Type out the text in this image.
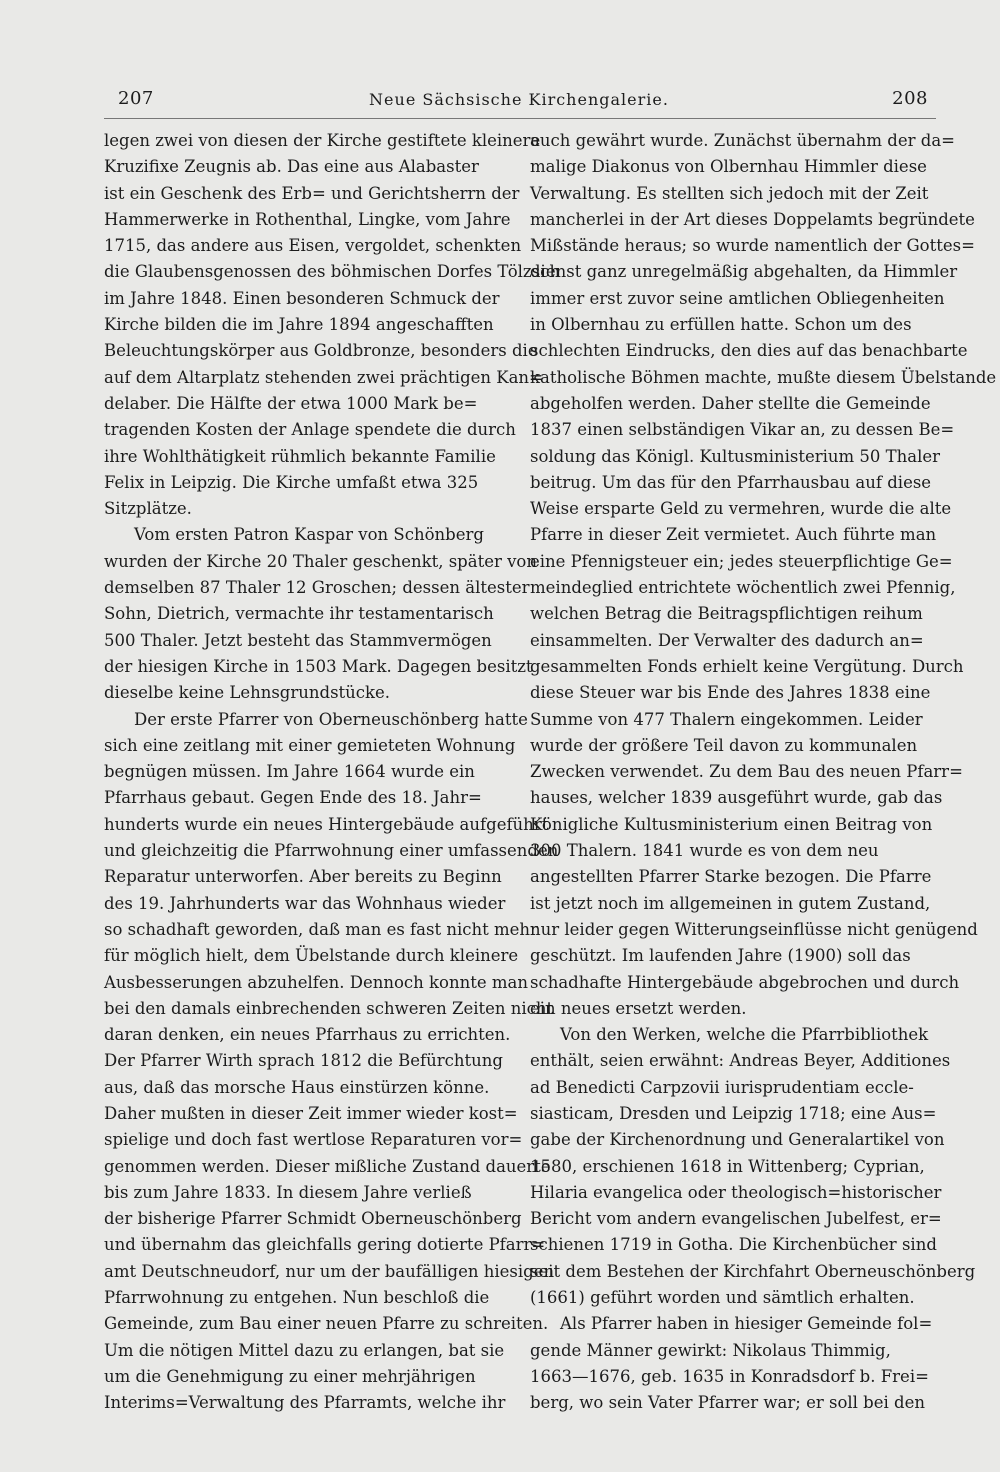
207	Neue Sächsische Kirchengalerie.	208
legen zwei von diesen der Kirche gestiftete kleinere
Kruzifixe Zeugnis ab. Das eine aus Alabaster
ist ein Geschenk des Erb= und Gerichtsherrn der
Hammerwerke in Rothenthal, Lingke, vom Jahre
1715, das andere aus Eisen, vergoldet, schenkten
die Glaubensgenossen des böhmischen Dorfes Tölzsch
im Jahre 1848. Einen besonderen Schmuck der
Kirche bilden die im Jahre 1894 angeschafften
Beleuchtungskörper aus Goldbronze, besonders die
auf dem Altarplatz stehenden zwei prächtigen Kan=
delaber. Die Hälfte der etwa 1000 Mark be=
tragenden Kosten der Anlage spendete die durch
ihre Wohlthätigkeit rühmlich bekannte Familie
Felix in Leipzig. Die Kirche umfaßt etwa 325
Sitzplätze.
Vom ersten Patron Kaspar von Schönberg
wurden der Kirche 20 Thaler geschenkt, später von
demselben 87 Thaler 12 Groschen; dessen ältester
Sohn, Dietrich, vermachte ihr testamentarisch
500 Thaler. Jetzt besteht das Stammvermögen
der hiesigen Kirche in 1503 Mark. Dagegen besitzt
dieselbe keine Lehnsgrundstücke.
Der erste Pfarrer von Oberneuschönberg hatte
sich eine zeitlang mit einer gemieteten Wohnung
begnügen müssen. Im Jahre 1664 wurde ein
Pfarrhaus gebaut. Gegen Ende des 18. Jahr=
hunderts wurde ein neues Hintergebäude aufgeführt
und gleichzeitig die Pfarrwohnung einer umfassenden
Reparatur unterworfen. Aber bereits zu Beginn
des 19. Jahrhunderts war das Wohnhaus wieder
so schadhaft geworden, daß man es fast nicht mehr
für möglich hielt, dem Übelstande durch kleinere
Ausbesserungen abzuhelfen. Dennoch konnte man
bei den damals einbrechenden schweren Zeiten nicht
daran denken, ein neues Pfarrhaus zu errichten.
Der Pfarrer Wirth sprach 1812 die Befürchtung
aus, daß das morsche Haus einstürzen könne.
Daher mußten in dieser Zeit immer wieder kost=
spielige und doch fast wertlose Reparaturen vor=
genommen werden. Dieser mißliche Zustand dauerte
bis zum Jahre 1833. In diesem Jahre verließ
der bisherige Pfarrer Schmidt Oberneuschönberg
und übernahm das gleichfalls gering dotierte Pfarr=
amt Deutschneudorf, nur um der baufälligen hiesigen
Pfarrwohnung zu entgehen. Nun beschloß die
Gemeinde, zum Bau einer neuen Pfarre zu schreiten.
Um die nötigen Mittel dazu zu erlangen, bat sie
um die Genehmigung zu einer mehrjährigen
Interims=Verwaltung des Pfarramts, welche ihr
auch gewährt wurde. Zunächst übernahm der da=
malige Diakonus von Olbernhau Himmler diese
Verwaltung. Es stellten sich jedoch mit der Zeit
mancherlei in der Art dieses Doppelamts begründete
Mißstände heraus; so wurde namentlich der Gottes=
dienst ganz unregelmäßig abgehalten, da Himmler
immer erst zuvor seine amtlichen Obliegenheiten
in Olbernhau zu erfüllen hatte. Schon um des
schlechten Eindrucks, den dies auf das benachbarte
katholische Böhmen machte, mußte diesem Übelstande
abgeholfen werden. Daher stellte die Gemeinde
1837 einen selbständigen Vikar an, zu dessen Be=
soldung das Königl. Kultusministerium 50 Thaler
beitrug. Um das für den Pfarrhausbau auf diese
Weise ersparte Geld zu vermehren, wurde die alte
Pfarre in dieser Zeit vermietet. Auch führte man
eine Pfennigsteuer ein; jedes steuerpflichtige Ge=
meindeglied entrichtete wöchentlich zwei Pfennig,
welchen Betrag die Beitragspflichtigen reihum
einsammelten. Der Verwalter des dadurch an=
gesammelten Fonds erhielt keine Vergütung. Durch
diese Steuer war bis Ende des Jahres 1838 eine
Summe von 477 Thalern eingekommen. Leider
wurde der größere Teil davon zu kommunalen
Zwecken verwendet. Zu dem Bau des neuen Pfarr=
hauses, welcher 1839 ausgeführt wurde, gab das
Königliche Kultusministerium einen Beitrag von
300 Thalern. 1841 wurde es von dem neu
angestellten Pfarrer Starke bezogen. Die Pfarre
ist jetzt noch im allgemeinen in gutem Zustand,
nur leider gegen Witterungseinflüsse nicht genügend
geschützt. Im laufenden Jahre (1900) soll das
schadhafte Hintergebäude abgebrochen und durch
ein neues ersetzt werden.
Von den Werken, welche die Pfarrbibliothek
enthält, seien erwähnt: Andreas Beyer, Additiones
ad Benedicti Carpzovii iurisprudentiam eccle-
siasticam, Dresden und Leipzig 1718; eine Aus=
gabe der Kirchenordnung und Generalartikel von
1580, erschienen 1618 in Wittenberg; Cyprian,
Hilaria evangelica oder theologisch=historischer
Bericht vom andern evangelischen Jubelfest, er=
schienen 1719 in Gotha. Die Kirchenbücher sind
seit dem Bestehen der Kirchfahrt Oberneuschönberg
(1661) geführt worden und sämtlich erhalten.
Als Pfarrer haben in hiesiger Gemeinde fol=
gende Männer gewirkt: Nikolaus Thimmig,
1663—1676, geb. 1635 in Konradsdorf b. Frei=
berg, wo sein Vater Pfarrer war; er soll bei den
